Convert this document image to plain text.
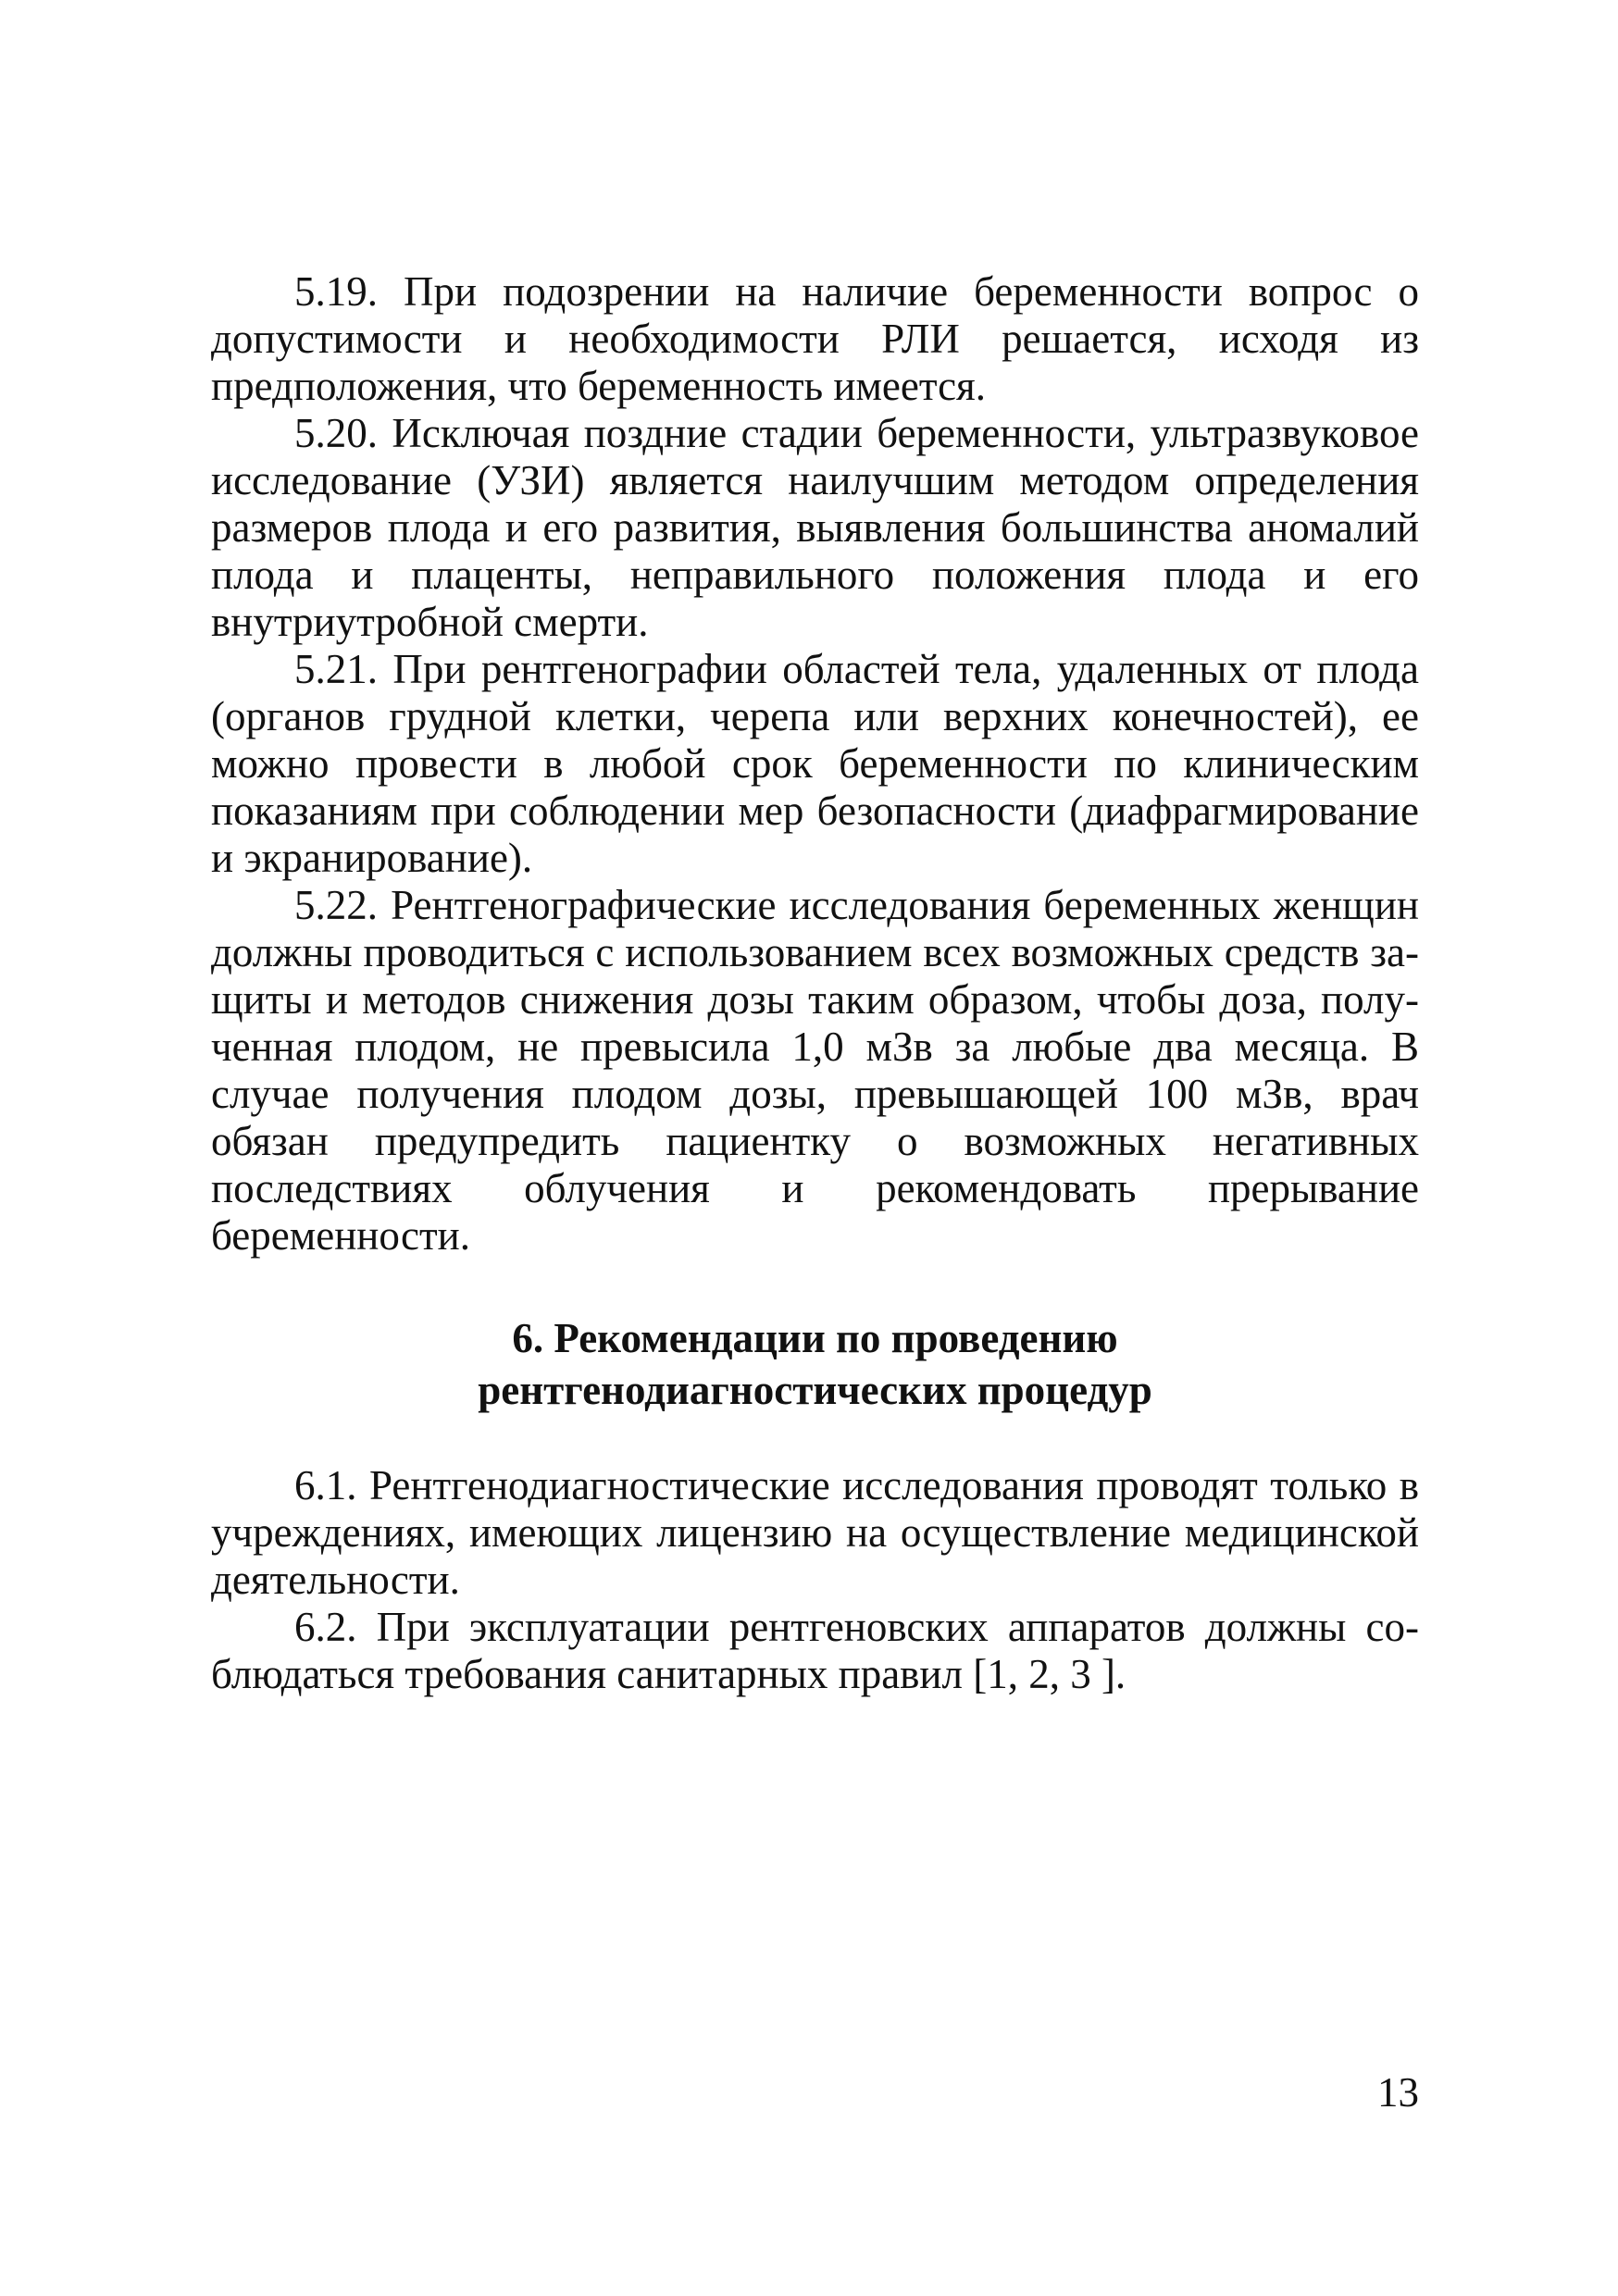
5.19. При подозрении на наличие беременности вопрос о допустимости и необходимости РЛИ решается, исходя из предположения, что беременность имеется.

5.20. Исключая поздние стадии беременности, ультразвуковое исследование (УЗИ) является наилучшим методом определения размеров плода и его развития, выявления большинства аномалий плода и плаценты, неправильного положения плода и его внутриутробной смерти.

5.21. При рентгенографии областей тела, удаленных от плода (органов грудной клетки, черепа или верхних конечностей), ее можно провести в любой срок беременности по клиническим показаниям при соблюдении мер безопасности (диафрагмирование и экранирование).

5.22. Рентгенографические исследования беременных женщин должны проводиться с использованием всех возможных средств защиты и методов снижения дозы таким образом, чтобы доза, полученная плодом, не превысила 1,0 мЗв за любые два месяца. В случае получения плодом дозы, превышающей 100 мЗв, врач обязан предупредить пациентку о возможных негативных последствиях облучения и рекомендовать прерывание беременности.

6. Рекомендации по проведению
рентгенодиагностических процедур

6.1. Рентгенодиагностические исследования проводят только в учреждениях, имеющих лицензию на осуществление медицинской деятельности.

6.2. При эксплуатации рентгеновских аппаратов должны соблюдаться требования санитарных правил [1, 2, 3 ].

13
